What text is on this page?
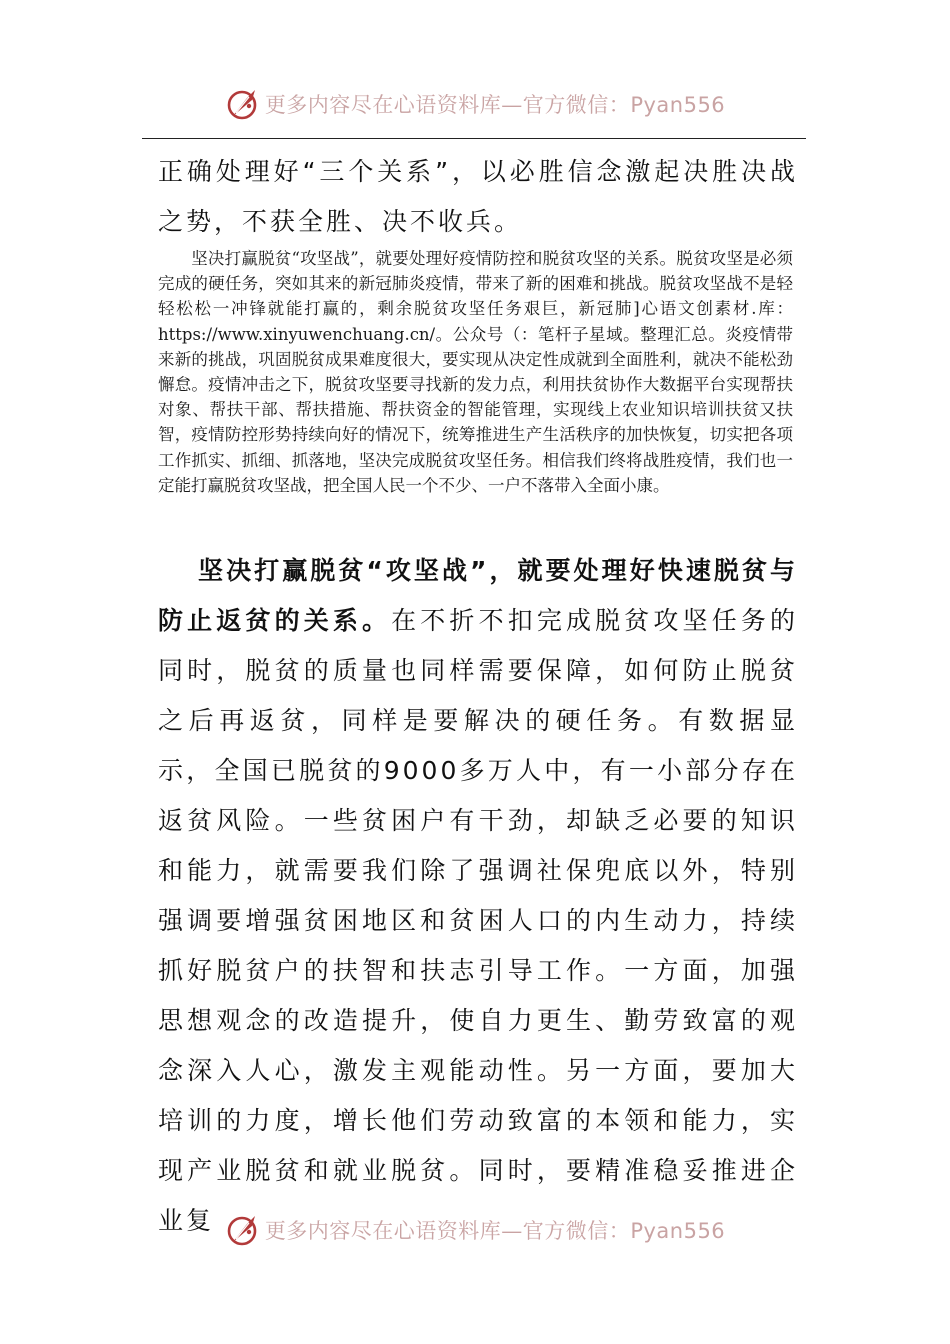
更多内容尽在心语资料库—官方微信：Pyan556

正确处理好“三个关系”，以必胜信念激起决胜决战之势，不获全胜、决不收兵。

坚决打赢脱贫“攻坚战”，就要处理好疫情防控和脱贫攻坚的关系。脱贫攻坚是必须完成的硬任务，突如其来的新冠肺炎疫情，带来了新的困难和挑战。脱贫攻坚战不是轻轻松松一冲锋就能打赢的，剩余脱贫攻坚任务艰巨，新冠肺]心语文创素材.库：https://www.xinyuwenchuang.cn/。公众号（：笔杆子星域。整理汇总。炎疫情带来新的挑战，巩固脱贫成果难度很大，要实现从决定性成就到全面胜利，就决不能松劲懈怠。疫情冲击之下，脱贫攻坚要寻找新的发力点，利用扶贫协作大数据平台实现帮扶对象、帮扶干部、帮扶措施、帮扶资金的智能管理，实现线上农业知识培训扶贫又扶智，疫情防控形势持续向好的情况下，统筹推进生产生活秩序的加快恢复，切实把各项工作抓实、抓细、抓落地，坚决完成脱贫攻坚任务。相信我们终将战胜疫情，我们也一定能打赢脱贫攻坚战，把全国人民一个不少、一户不落带入全面小康。

坚决打赢脱贫“攻坚战”，就要处理好快速脱贫与防止返贫的关系。在不折不扣完成脱贫攻坚任务的同时，脱贫的质量也同样需要保障，如何防止脱贫之后再返贫，同样是要解决的硬任务。有数据显示，全国已脱贫的9000多万人中，有一小部分存在返贫风险。一些贫困户有干劲，却缺乏必要的知识和能力，就需要我们除了强调社保兜底以外，特别强调要增强贫困地区和贫困人口的内生动力，持续抓好脱贫户的扶智和扶志引导工作。一方面，加强思想观念的改造提升，使自力更生、勤劳致富的观念深入人心，激发主观能动性。另一方面，要加大培训的力度，增长他们劳动致富的本领和能力，实现产业脱贫和就业脱贫。同时，要精准稳妥推进企业复	更多内容尽在心语资料库—官方微信：Pyan556
